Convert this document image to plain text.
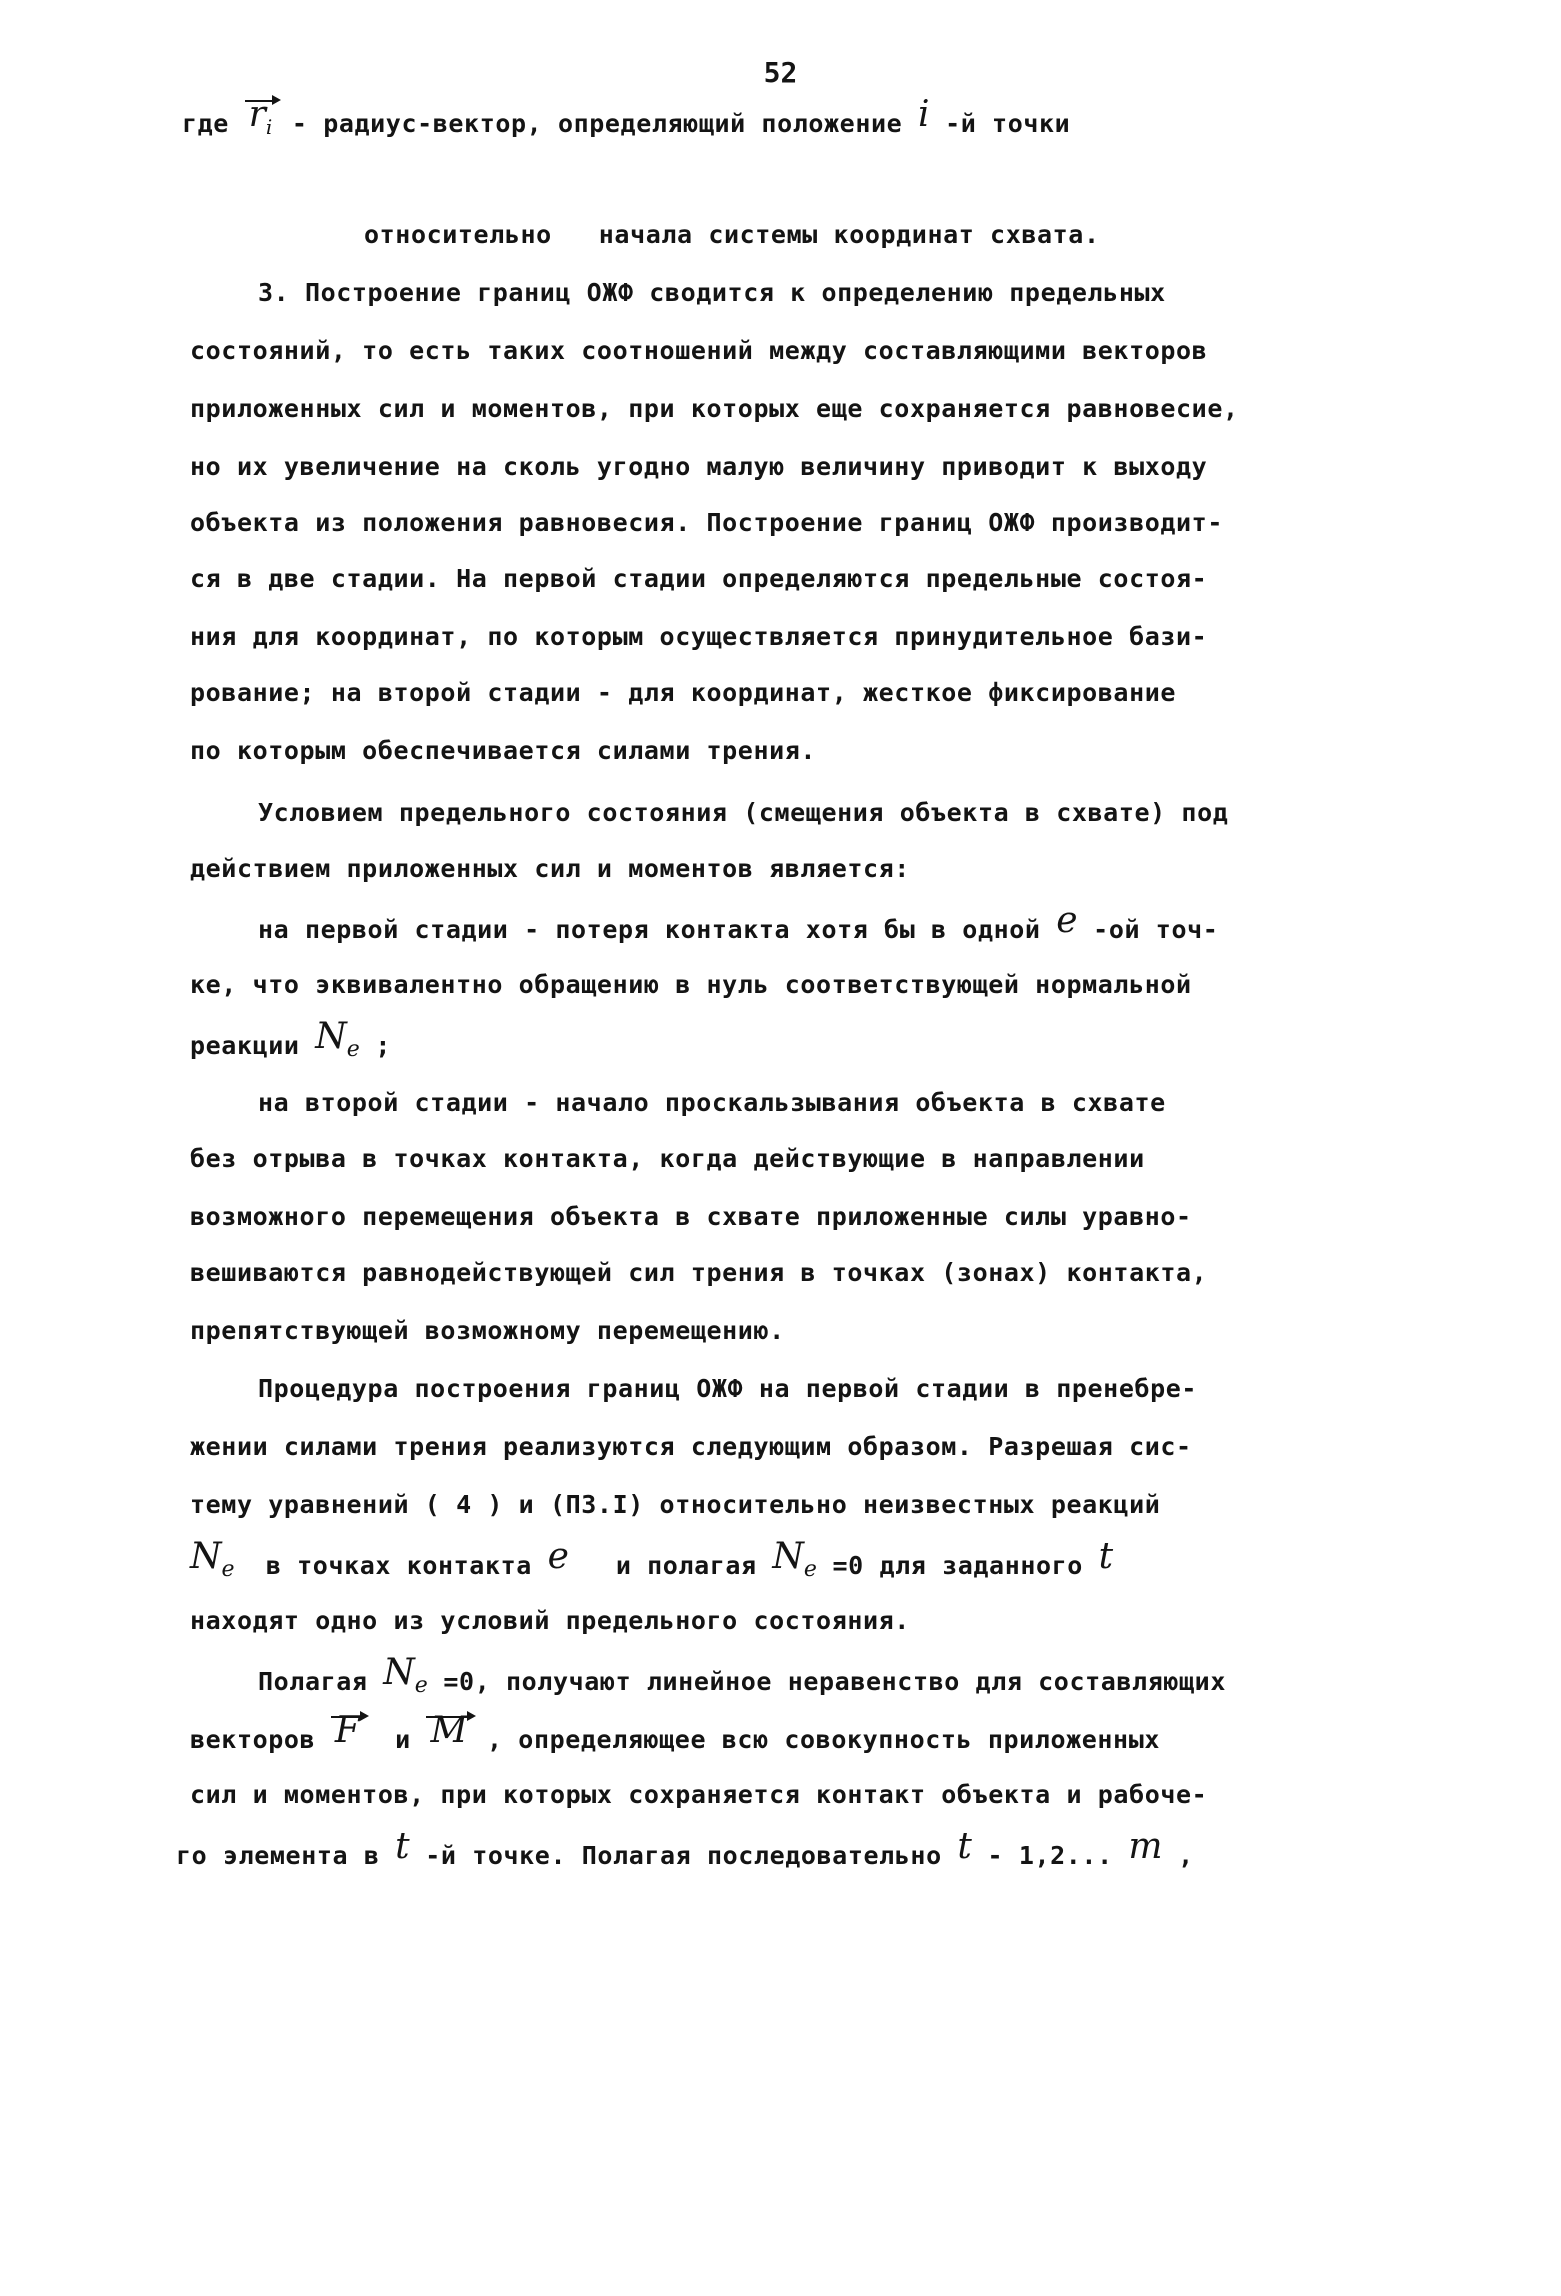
52
где $r_i$ - радиус-вектор, определяющий положение i -й точки
относительно   начала системы координат схвата.
3. Построение границ ОЖФ сводится к определению предельных
состояний, то есть таких соотношений между составляющими векторов
приложенных сил и моментов, при которых еще сохраняется равновесие,
но их увеличение на сколь угодно малую величину приводит к выходу
объекта из положения равновесия. Построение границ ОЖФ производит-
ся в две стадии. На первой стадии определяются предельные состоя-
ния для координат, по которым осуществляется принудительное бази-
рование; на второй стадии - для координат, жесткое фиксирование
по которым обеспечивается силами трения.
Условием предельного состояния (смещения объекта в схвате) под
действием приложенных сил и моментов является:
на первой стадии - потеря контакта хотя бы в одной e -ой точ-
ке, что эквивалентно обращению в нуль соответствующей нормальной
реакции $N_e$ ;
на второй стадии - начало проскальзывания объекта в схвате
без отрыва в точках контакта, когда действующие в направлении
возможного перемещения объекта в схвате приложенные силы уравно-
вешиваются равнодействующей сил трения в точках (зонах) контакта,
препятствующей возможному перемещению.
Процедура построения границ ОЖФ на первой стадии в пренебре-
жении силами трения реализуются следующим образом. Разрешая сис-
тему уравнений ( 4 ) и (ПЗ.I) относительно неизвестных реакций
$N_e$  в точках контакта e   и полагая $N_e =0$ для заданного t
находят одно из условий предельного состояния.
Полагая $N_e =0$, получают линейное неравенство для составляющих
векторов F  и M , определяющее всю совокупность приложенных
сил и моментов, при которых сохраняется контакт объекта и рабоче-
го элемента в t -й точке. Полагая последовательно t - 1,2... m ,
